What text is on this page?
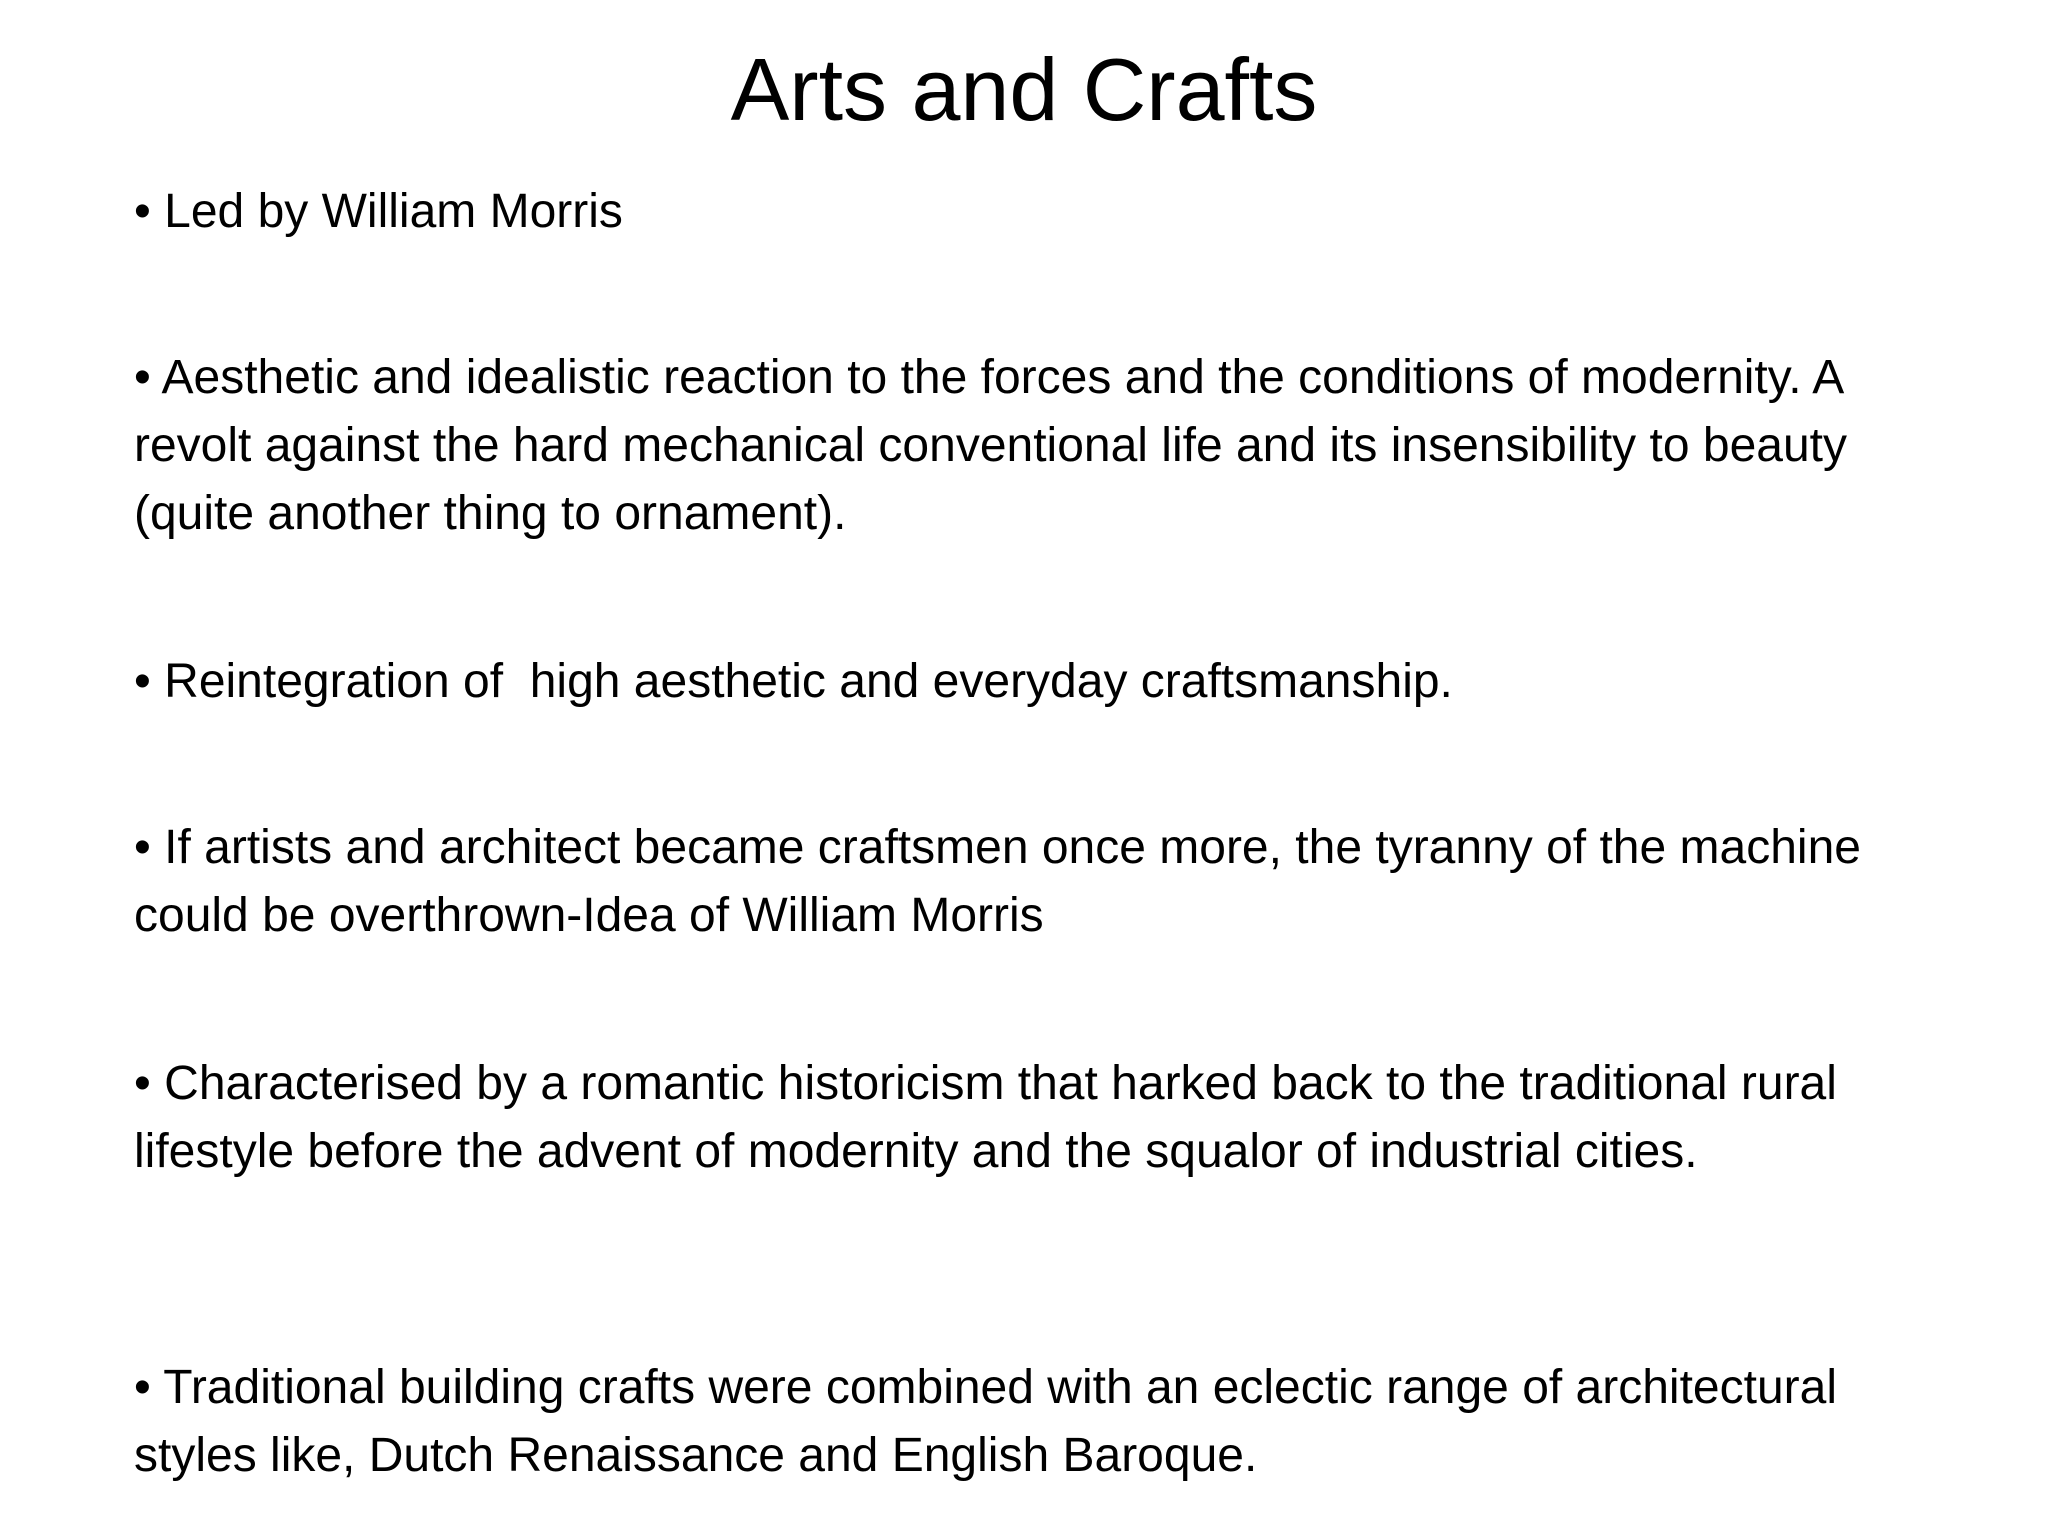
Arts and Crafts
• Led by William Morris
• Aesthetic and idealistic reaction to the forces and the conditions of modernity. A revolt against the hard mechanical conventional life and its insensibility to beauty (quite another thing to ornament).
• Reintegration of  high aesthetic and everyday craftsmanship.
• If artists and architect became craftsmen once more, the tyranny of the machine could be overthrown-Idea of William Morris
• Characterised by a romantic historicism that harked back to the traditional rural lifestyle before the advent of modernity and the squalor of industrial cities.
• Traditional building crafts were combined with an eclectic range of architectural styles like, Dutch Renaissance and English Baroque.
